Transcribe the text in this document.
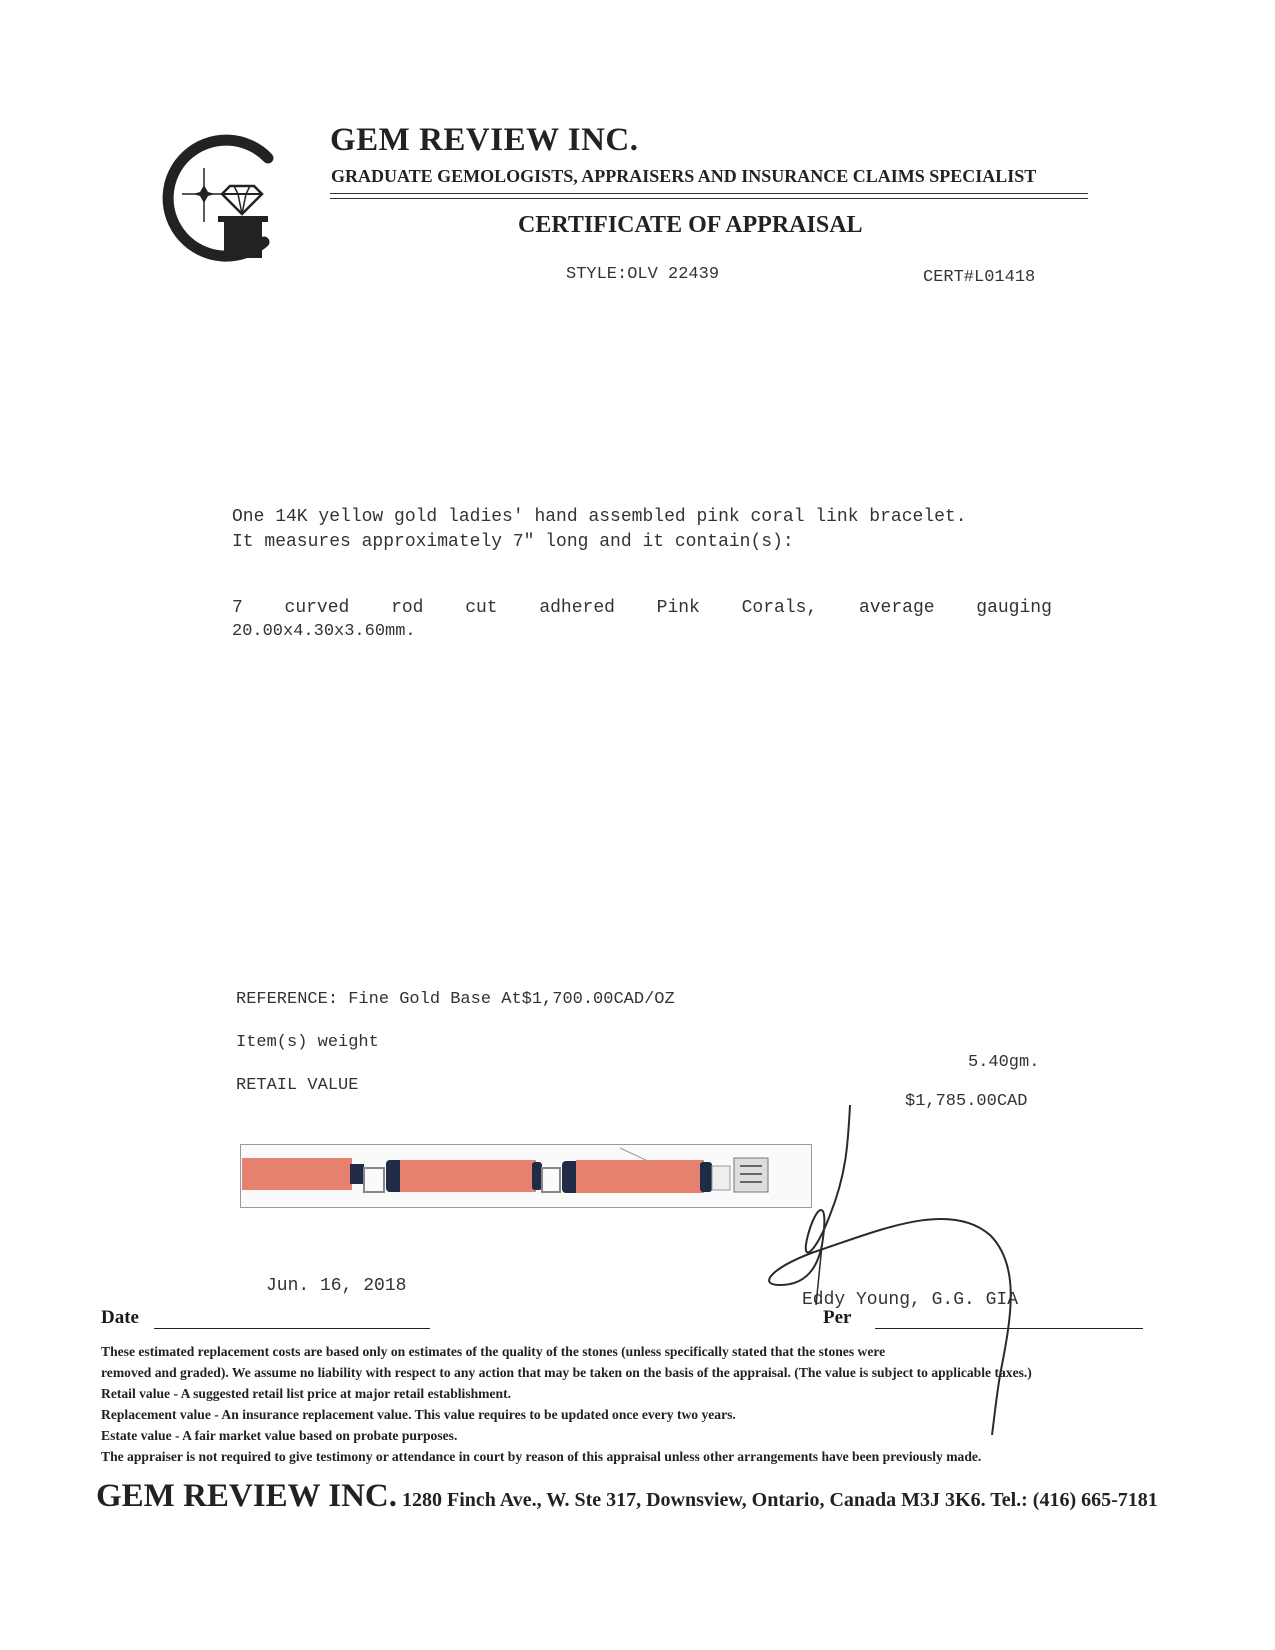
GEM REVIEW INC.
GRADUATE GEMOLOGISTS, APPRAISERS AND INSURANCE CLAIMS SPECIALIST
CERTIFICATE OF APPRAISAL
STYLE:OLV 22439	CERT#L01418
One 14K yellow gold ladies' hand assembled pink coral link bracelet.
It measures approximately 7" long and it contain(s):
7 curved rod cut adhered Pink Corals, average gauging
20.00x4.30x3.60mm.
REFERENCE: Fine Gold Base At$1,700.00CAD/OZ
Item(s) weight
5.40gm.
RETAIL VALUE
$1,785.00CAD
Jun. 16, 2018
Eddy Young, G.G. GIA
Date	Per
These estimated replacement costs are based only on estimates of the quality of the stones (unless specifically stated that the stones were
removed and graded). We assume no liability with respect to any action that may be taken on the basis of the appraisal. (The value is subject to applicable taxes.)
Retail value - A suggested retail list price at major retail establishment.
Replacement value - An insurance replacement value. This value requires to be updated once every two years.
Estate value - A fair market value based on probate purposes.
The appraiser is not required to give testimony or attendance in court by reason of this appraisal unless other arrangements have been previously made.
GEM REVIEW INC. 1280 Finch Ave., W. Ste 317, Downsview, Ontario, Canada M3J 3K6. Tel.: (416) 665-7181
